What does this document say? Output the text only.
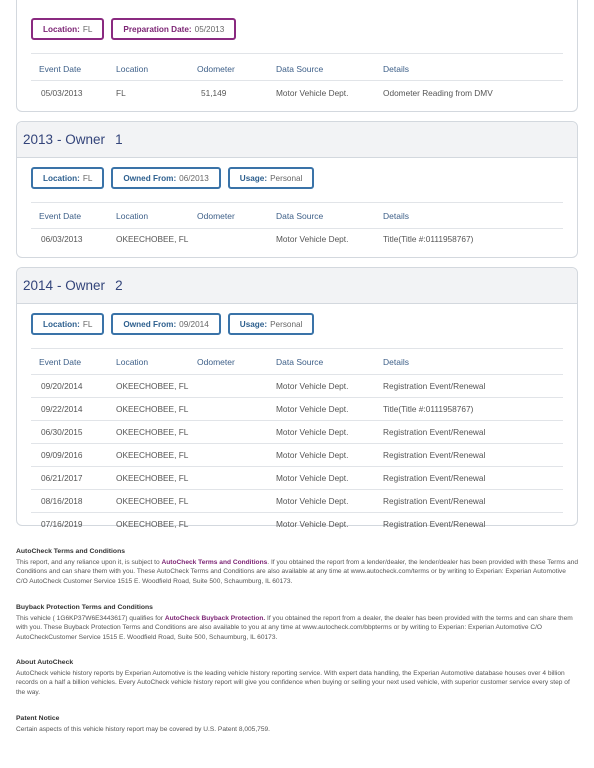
Location: FL	Preparation Date: 05/2013
Event Date	Location	Odometer	Data Source	Details
05/03/2013	FL	51,149	Motor Vehicle Dept.	Odometer Reading from DMV
2013 - Owner 1
Location: FL	Owned From: 06/2013	Usage: Personal
Event Date	Location	Odometer	Data Source	Details
06/03/2013	OKEECHOBEE, FL	Motor Vehicle Dept.	Title(Title #:0111958767)
2014 - Owner 2
Location: FL	Owned From: 09/2014	Usage: Personal
Event Date	Location	Odometer	Data Source	Details
09/20/2014	OKEECHOBEE, FL	Motor Vehicle Dept.	Registration Event/Renewal
09/22/2014	OKEECHOBEE, FL	Motor Vehicle Dept.	Title(Title #:0111958767)
06/30/2015	OKEECHOBEE, FL	Motor Vehicle Dept.	Registration Event/Renewal
09/09/2016	OKEECHOBEE, FL	Motor Vehicle Dept.	Registration Event/Renewal
06/21/2017	OKEECHOBEE, FL	Motor Vehicle Dept.	Registration Event/Renewal
08/16/2018	OKEECHOBEE, FL	Motor Vehicle Dept.	Registration Event/Renewal
07/16/2019	OKEECHOBEE, FL	Motor Vehicle Dept.	Registration Event/Renewal
AutoCheck Terms and Conditions

This report, and any reliance upon it, is subject to AutoCheck Terms and Conditions. If you obtained the report from a lender/dealer, the lender/dealer has been provided with these Terms and Conditions and can share them with you. These AutoCheck Terms and Conditions are also available at any time at www.autocheck.com/terms or by writing to Experian: Experian Automotive C/O AutoCheck Customer Service 1515 E. Woodfield Road, Suite 500, Schaumburg, IL 60173.

Buyback Protection Terms and Conditions

This vehicle ( 1G6KP37W6E3443617) qualifies for AutoCheck Buyback Protection. If you obtained the report from a dealer, the dealer has been provided with the terms and can share them with you. These Buyback Protection Terms and Conditions are also available to you at any time at www.autocheck.com/bbpterms or by writing to Experian: Experian Automotive C/O AutoCheckCustomer Service 1515 E. Woodfield Road, Suite 500, Schaumburg, IL 60173.

About AutoCheck

AutoCheck vehicle history reports by Experian Automotive is the leading vehicle history reporting service. With expert data handling, the Experian Automotive database houses over 4 billion records on a half a billion vehicles. Every AutoCheck vehicle history report will give you confidence when buying or selling your next used vehicle, with superior customer service every step of the way.

Patent Notice

Certain aspects of this vehicle history report may be covered by U.S. Patent 8,005,759.
